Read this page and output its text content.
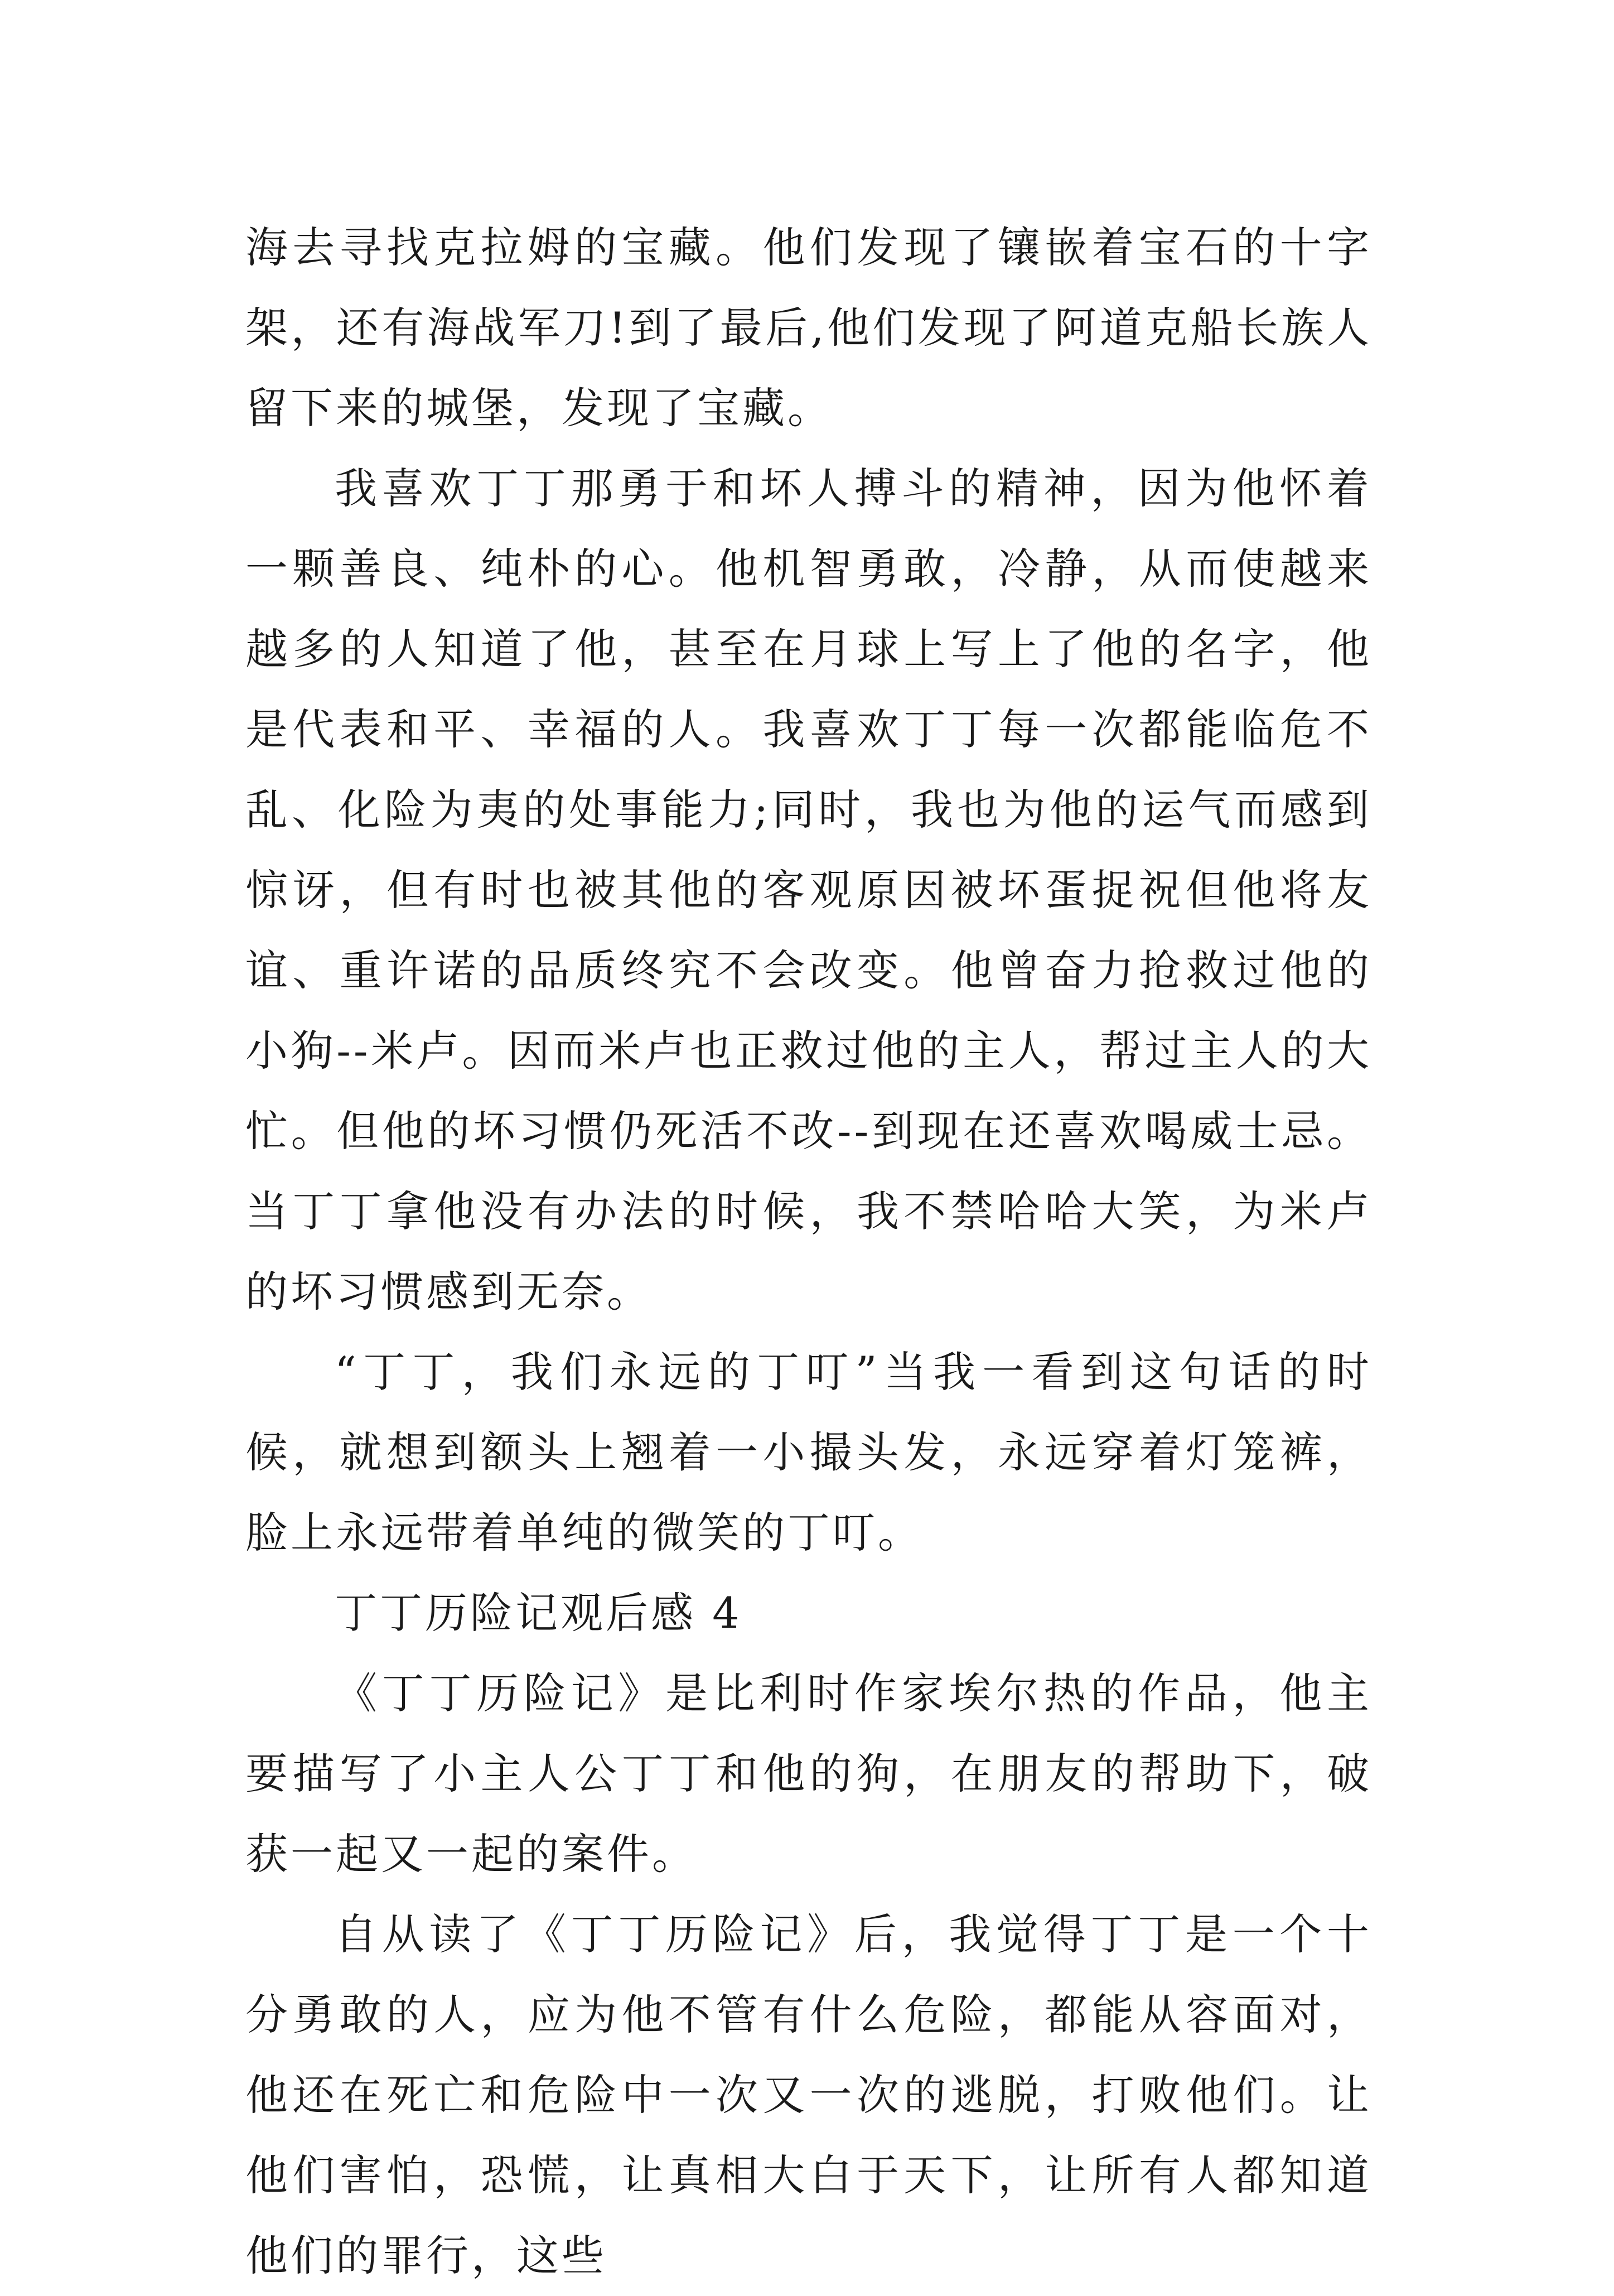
海去寻找克拉姆的宝藏。他们发现了镶嵌着宝石的十字架，还有海战军刀!到了最后,他们发现了阿道克船长族人留下来的城堡，发现了宝藏。

我喜欢丁丁那勇于和坏人搏斗的精神，因为他怀着一颗善良、纯朴的心。他机智勇敢，冷静，从而使越来越多的人知道了他，甚至在月球上写上了他的名字，他是代表和平、幸福的人。我喜欢丁丁每一次都能临危不乱、化险为夷的处事能力;同时，我也为他的运气而感到惊讶，但有时也被其他的客观原因被坏蛋捉祝但他将友谊、重许诺的品质终究不会改变。他曾奋力抢救过他的小狗--米卢。因而米卢也正救过他的主人，帮过主人的大忙。但他的坏习惯仍死活不改--到现在还喜欢喝威士忌。当丁丁拿他没有办法的时候，我不禁哈哈大笑，为米卢的坏习惯感到无奈。

“丁丁，我们永远的丁叮”当我一看到这句话的时候，就想到额头上翘着一小撮头发，永远穿着灯笼裤，脸上永远带着单纯的微笑的丁叮。

丁丁历险记观后感 4

《丁丁历险记》是比利时作家埃尔热的作品，他主要描写了小主人公丁丁和他的狗，在朋友的帮助下，破获一起又一起的案件。

自从读了《丁丁历险记》后，我觉得丁丁是一个十分勇敢的人，应为他不管有什么危险，都能从容面对，他还在死亡和危险中一次又一次的逃脱，打败他们。让他们害怕，恐慌，让真相大白于天下，让所有人都知道他们的罪行，这些
